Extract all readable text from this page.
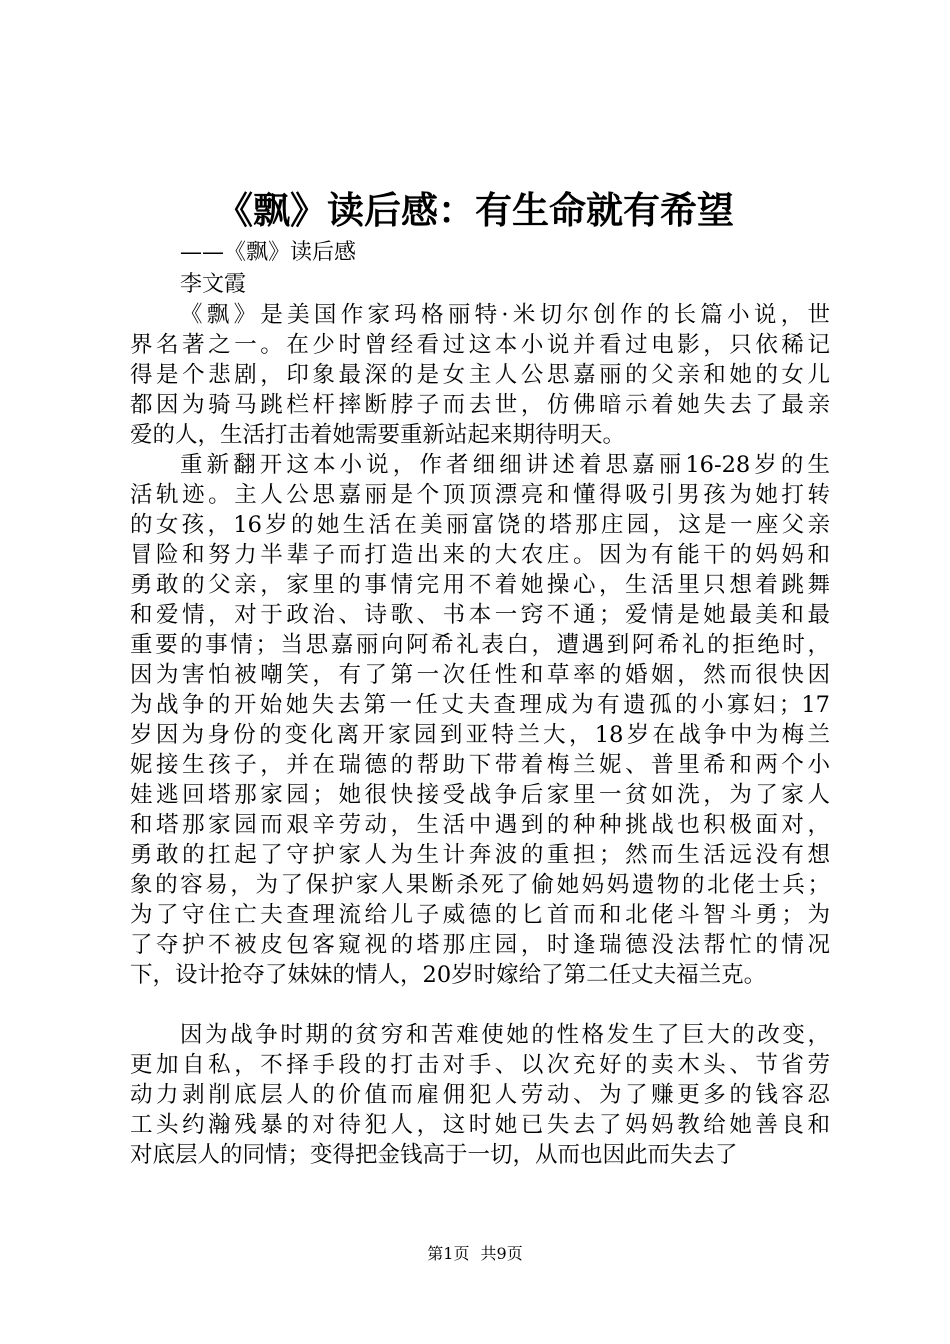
《飘》读后感：有生命就有希望
——《飘》读后感
李文霞
《飘》是美国作家玛格丽特·米切尔创作的长篇小说，世
界名著之一。在少时曾经看过这本小说并看过电影，只依稀记
得是个悲剧，印象最深的是女主人公思嘉丽的父亲和她的女儿
都因为骑马跳栏杆摔断脖子而去世，仿佛暗示着她失去了最亲
爱的人，生活打击着她需要重新站起来期待明天。
重新翻开这本小说，作者细细讲述着思嘉丽16-28岁的生
活轨迹。主人公思嘉丽是个顶顶漂亮和懂得吸引男孩为她打转
的女孩，16岁的她生活在美丽富饶的塔那庄园，这是一座父亲
冒险和努力半辈子而打造出来的大农庄。因为有能干的妈妈和
勇敢的父亲，家里的事情完用不着她操心，生活里只想着跳舞
和爱情，对于政治、诗歌、书本一窍不通；爱情是她最美和最
重要的事情；当思嘉丽向阿希礼表白，遭遇到阿希礼的拒绝时，
因为害怕被嘲笑，有了第一次任性和草率的婚姻，然而很快因
为战争的开始她失去第一任丈夫查理成为有遗孤的小寡妇；17
岁因为身份的变化离开家园到亚特兰大，18岁在战争中为梅兰
妮接生孩子，并在瑞德的帮助下带着梅兰妮、普里希和两个小
娃逃回塔那家园；她很快接受战争后家里一贫如洗，为了家人
和塔那家园而艰辛劳动，生活中遇到的种种挑战也积极面对，
勇敢的扛起了守护家人为生计奔波的重担；然而生活远没有想
象的容易，为了保护家人果断杀死了偷她妈妈遗物的北佬士兵；
为了守住亡夫查理流给儿子威德的匕首而和北佬斗智斗勇；为
了夺护不被皮包客窥视的塔那庄园，时逢瑞德没法帮忙的情况
下，设计抢夺了妹妹的情人，20岁时嫁给了第二任丈夫福兰克。
因为战争时期的贫穷和苦难使她的性格发生了巨大的改变，
更加自私，不择手段的打击对手、以次充好的卖木头、节省劳
动力剥削底层人的价值而雇佣犯人劳动、为了赚更多的钱容忍
工头约瀚残暴的对待犯人，这时她已失去了妈妈教给她善良和
对底层人的同情；变得把金钱高于一切，从而也因此而失去了
第1页 共9页
